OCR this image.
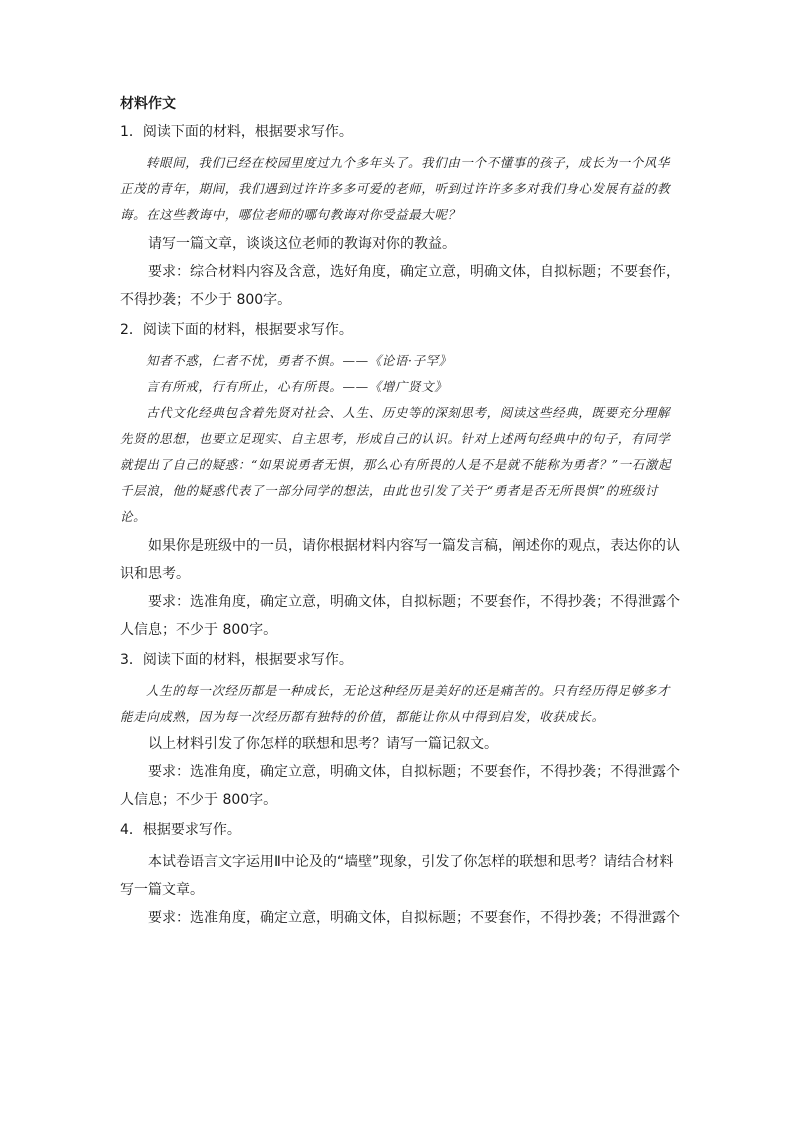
材料作文
1．阅读下面的材料，根据要求写作。

转眼间，我们已经在校园里度过九个多年头了。我们由一个不懂事的孩子，成长为一个风华正茂的青年，期间，我们遇到过许许多多可爱的老师，听到过许许多多对我们身心发展有益的教诲。在这些教诲中，哪位老师的哪句教诲对你受益最大呢？

请写一篇文章，谈谈这位老师的教诲对你的教益。

要求：综合材料内容及含意，选好角度，确定立意，明确文体，自拟标题；不要套作，不得抄袭；不少于 800字。

2．阅读下面的材料，根据要求写作。

知者不惑，仁者不忧，勇者不惧。——《论语·子罕》

言有所戒，行有所止，心有所畏。——《增广贤文》

古代文化经典包含着先贤对社会、人生、历史等的深刻思考，阅读这些经典，既要充分理解先贤的思想，也要立足现实、自主思考，形成自己的认识。针对上述两句经典中的句子，有同学就提出了自己的疑惑：“如果说勇者无惧，那么心有所畏的人是不是就不能称为勇者？”一石激起千层浪，他的疑惑代表了一部分同学的想法，由此也引发了关于“勇者是否无所畏惧”的班级讨论。

如果你是班级中的一员，请你根据材料内容写一篇发言稿，阐述你的观点，表达你的认识和思考。

要求：选准角度，确定立意，明确文体，自拟标题；不要套作，不得抄袭；不得泄露个人信息；不少于 800字。

3．阅读下面的材料，根据要求写作。

人生的每一次经历都是一种成长，无论这种经历是美好的还是痛苦的。只有经历得足够多才能走向成熟，因为每一次经历都有独特的价值，都能让你从中得到启发，收获成长。

以上材料引发了你怎样的联想和思考？请写一篇记叙文。

要求：选准角度，确定立意，明确文体，自拟标题；不要套作，不得抄袭；不得泄露个人信息；不少于 800字。

4．根据要求写作。

本试卷语言文字运用Ⅱ中论及的“墙壁”现象，引发了你怎样的联想和思考？请结合材料写一篇文章。

要求：选准角度，确定立意，明确文体，自拟标题；不要套作，不得抄袭；不得泄露个
